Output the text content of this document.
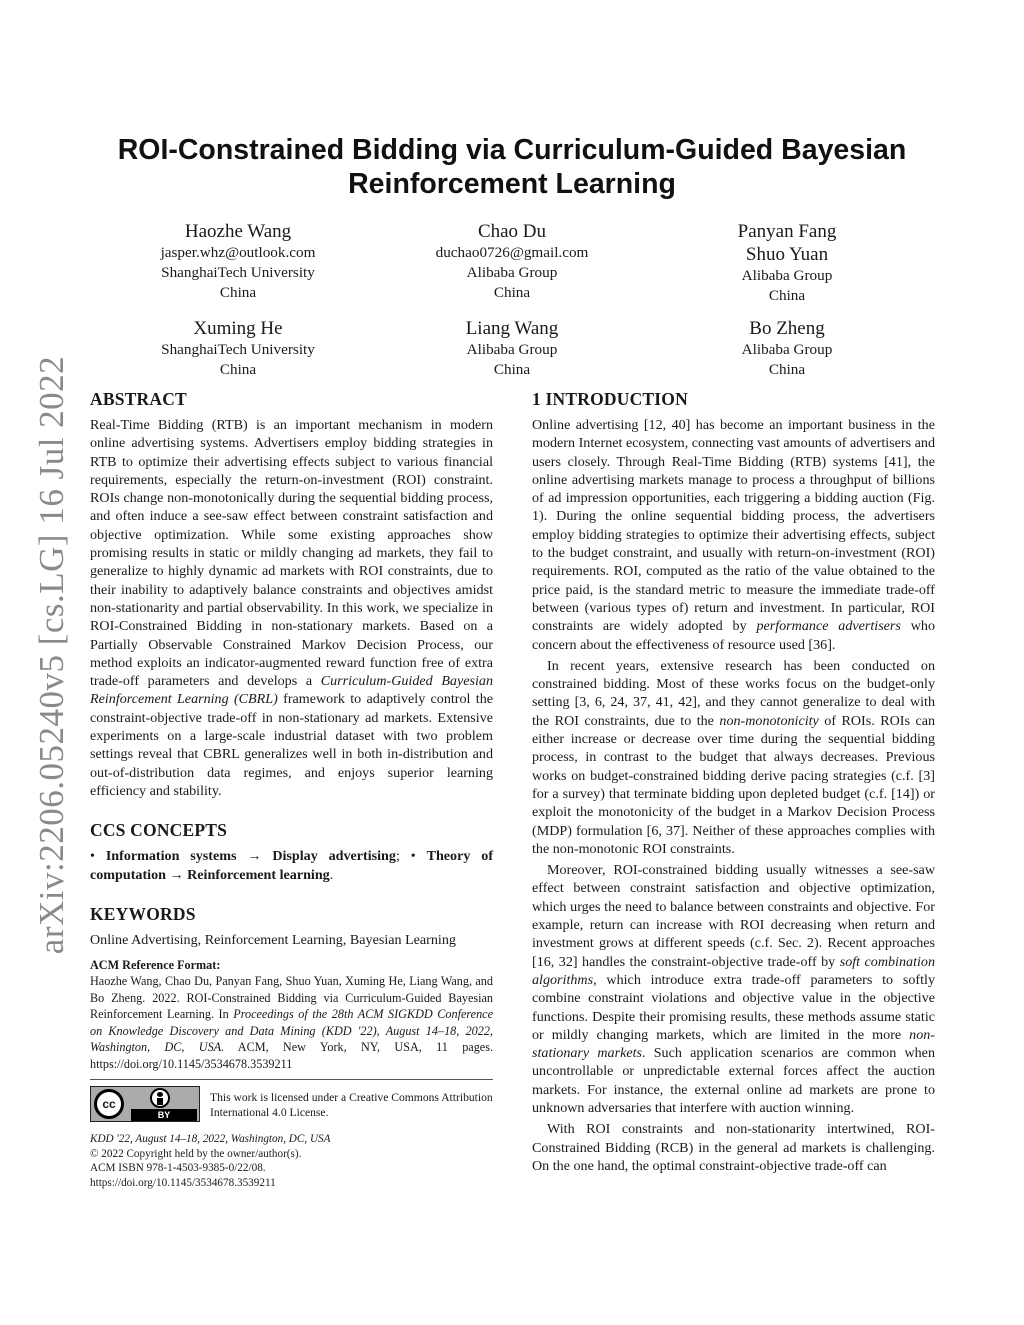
arXiv:2206.05240v5 [cs.LG] 16 Jul 2022
ROI-Constrained Bidding via Curriculum-Guided Bayesian
Reinforcement Learning
Haozhe Wang
jasper.whz@outlook.com
ShanghaiTech University
China
Chao Du
duchao0726@gmail.com
Alibaba Group
China
Panyan Fang
Shuo Yuan
Alibaba Group
China
Xuming He
ShanghaiTech University
China
Liang Wang
Alibaba Group
China
Bo Zheng
Alibaba Group
China
ABSTRACT

Real-Time Bidding (RTB) is an important mechanism in modern online advertising systems. Advertisers employ bidding strategies in RTB to optimize their advertising effects subject to various financial requirements, especially the return-on-investment (ROI) constraint. ROIs change non-monotonically during the sequential bidding process, and often induce a see-saw effect between constraint satisfaction and objective optimization. While some existing approaches show promising results in static or mildly changing ad markets, they fail to generalize to highly dynamic ad markets with ROI constraints, due to their inability to adaptively balance constraints and objectives amidst non-stationarity and partial observability. In this work, we specialize in ROI-Constrained Bidding in non-stationary markets. Based on a Partially Observable Constrained Markov Decision Process, our method exploits an indicator-augmented reward function free of extra trade-off parameters and develops a Curriculum-Guided Bayesian Reinforcement Learning (CBRL) framework to adaptively control the constraint-objective trade-off in non-stationary ad markets. Extensive experiments on a large-scale industrial dataset with two problem settings reveal that CBRL generalizes well in both in-distribution and out-of-distribution data regimes, and enjoys superior learning efficiency and stability.

CCS CONCEPTS

• Information systems → Display advertising; • Theory of computation → Reinforcement learning.

KEYWORDS

Online Advertising, Reinforcement Learning, Bayesian Learning

ACM Reference Format:

Haozhe Wang, Chao Du, Panyan Fang, Shuo Yuan, Xuming He, Liang Wang, and Bo Zheng. 2022. ROI-Constrained Bidding via Curriculum-Guided Bayesian Reinforcement Learning. In Proceedings of the 28th ACM SIGKDD Conference on Knowledge Discovery and Data Mining (KDD '22), August 14–18, 2022, Washington, DC, USA. ACM, New York, NY, USA, 11 pages. https://doi.org/10.1145/3534678.3539211

cc
BY
This work is licensed under a Creative Commons Attribution International 4.0 License.
KDD '22, August 14–18, 2022, Washington, DC, USA
© 2022 Copyright held by the owner/author(s).
ACM ISBN 978-1-4503-9385-0/22/08.
https://doi.org/10.1145/3534678.3539211
1 INTRODUCTION

Online advertising [12, 40] has become an important business in the modern Internet ecosystem, connecting vast amounts of advertisers and users closely. Through Real-Time Bidding (RTB) systems [41], the online advertising markets manage to process a throughput of billions of ad impression opportunities, each triggering a bidding auction (Fig. 1). During the online sequential bidding process, the advertisers employ bidding strategies to optimize their advertising effects, subject to the budget constraint, and usually with return-on-investment (ROI) requirements. ROI, computed as the ratio of the value obtained to the price paid, is the standard metric to measure the immediate trade-off between (various types of) return and investment. In particular, ROI constraints are widely adopted by performance advertisers who concern about the effectiveness of resource used [36].

In recent years, extensive research has been conducted on constrained bidding. Most of these works focus on the budget-only setting [3, 6, 24, 37, 41, 42], and they cannot generalize to deal with the ROI constraints, due to the non-monotonicity of ROIs. ROIs can either increase or decrease over time during the sequential bidding process, in contrast to the budget that always decreases. Previous works on budget-constrained bidding derive pacing strategies (c.f. [3] for a survey) that terminate bidding upon depleted budget (c.f. [14]) or exploit the monotonicity of the budget in a Markov Decision Process (MDP) formulation [6, 37]. Neither of these approaches complies with the non-monotonic ROI constraints.

Moreover, ROI-constrained bidding usually witnesses a see-saw effect between constraint satisfaction and objective optimization, which urges the need to balance between constraints and objective. For example, return can increase with ROI decreasing when return and investment grows at different speeds (c.f. Sec. 2). Recent approaches [16, 32] handles the constraint-objective trade-off by soft combination algorithms, which introduce extra trade-off parameters to softly combine constraint violations and objective value in the objective functions. Despite their promising results, these methods assume static or mildly changing markets, which are limited in the more non-stationary markets. Such application scenarios are common when uncontrollable or unpredictable external forces affect the auction markets. For instance, the external online ad markets are prone to unknown adversaries that interfere with auction winning.

With ROI constraints and non-stationarity intertwined, ROI-Constrained Bidding (RCB) in the general ad markets is challenging. On the one hand, the optimal constraint-objective trade-off can
